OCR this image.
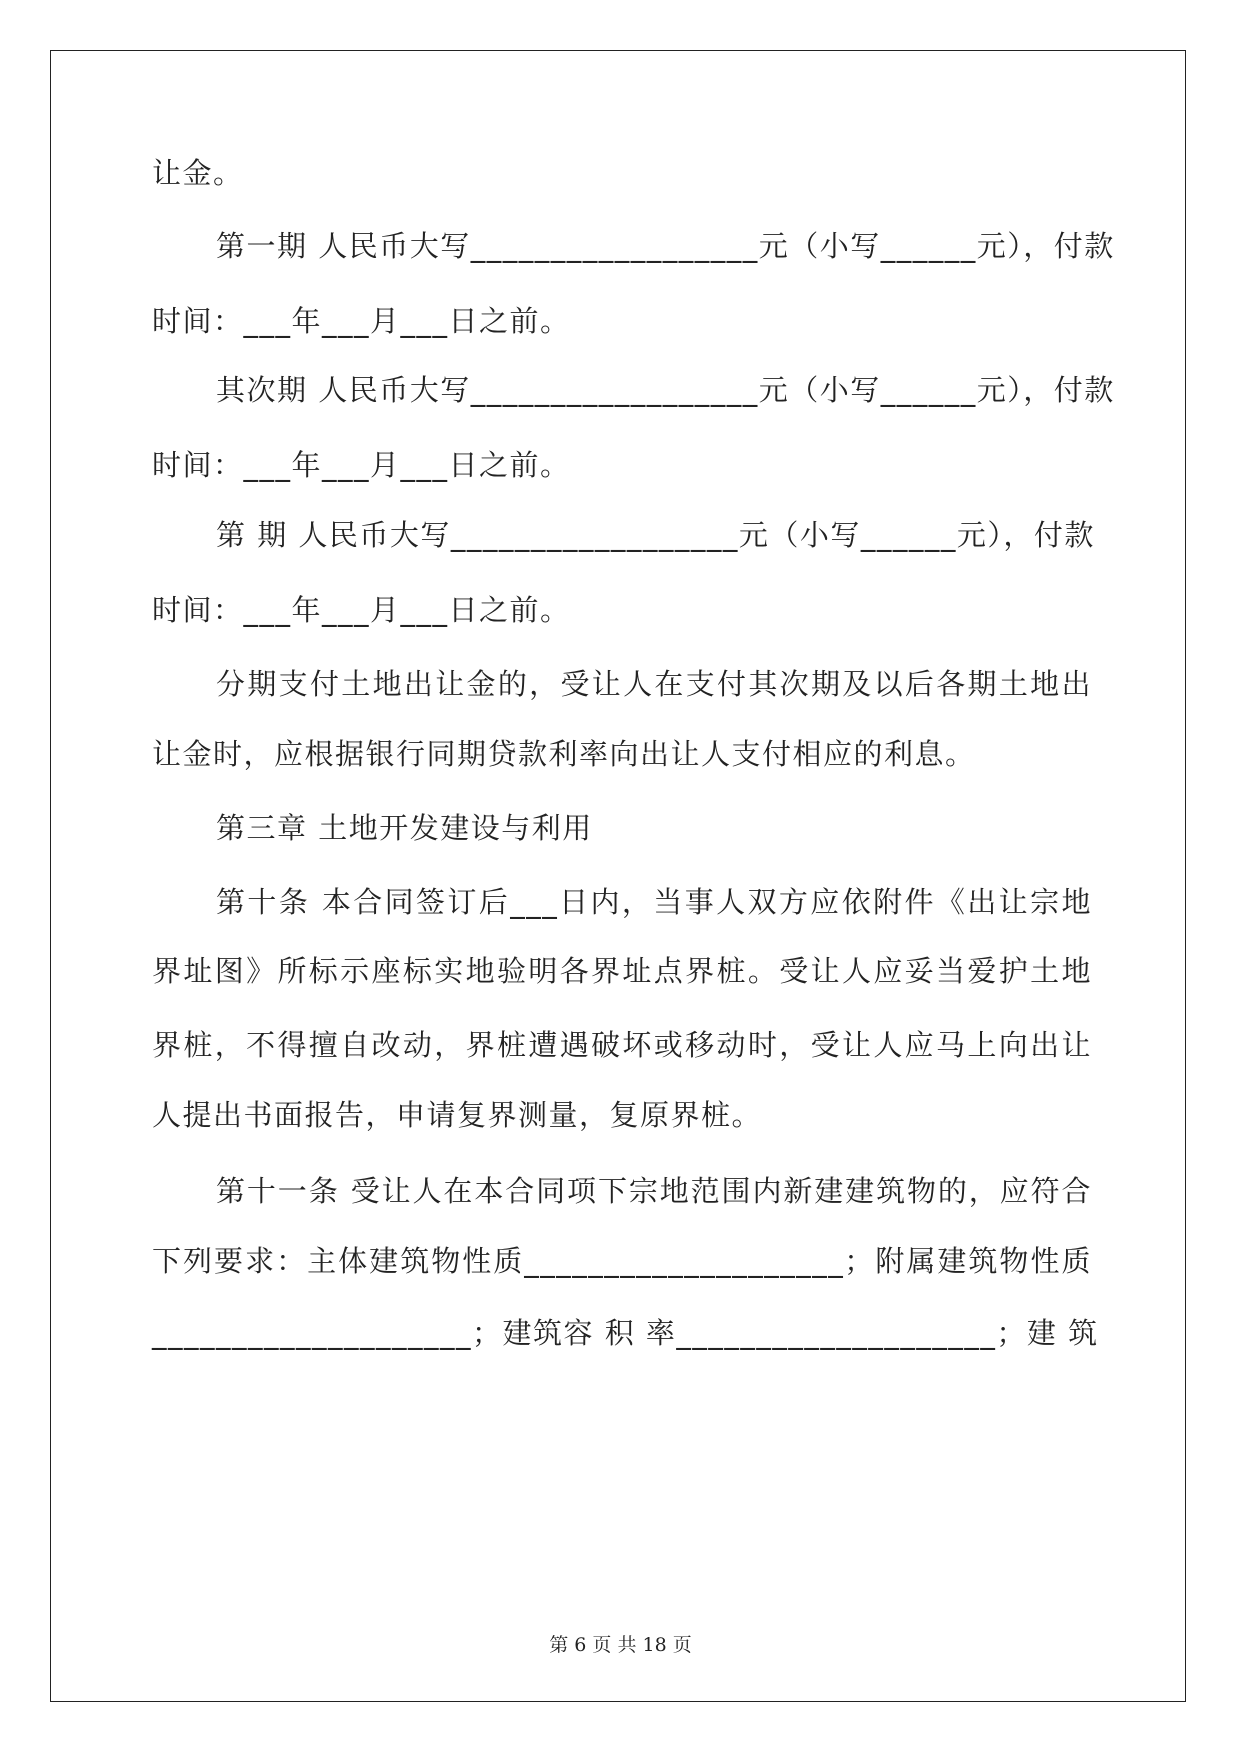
让金。
第一期 人民币大写__________________元（小写______元），付款
时间：___年___月___日之前。
其次期 人民币大写__________________元（小写______元），付款
时间：___年___月___日之前。
第 期 人民币大写__________________元（小写______元），付款
时间：___年___月___日之前。
分期支付土地出让金的，受让人在支付其次期及以后各期土地出
让金时，应根据银行同期贷款利率向出让人支付相应的利息。
第三章 土地开发建设与利用
第十条 本合同签订后___日内，当事人双方应依附件《出让宗地
界址图》所标示座标实地验明各界址点界桩。受让人应妥当爱护土地
界桩，不得擅自改动，界桩遭遇破坏或移动时，受让人应马上向出让
人提出书面报告，申请复界测量，复原界桩。
第十一条 受让人在本合同项下宗地范围内新建建筑物的，应符合
下列要求：主体建筑物性质____________________；附属建筑物性质
____________________；建筑容 积 率____________________；建 筑
第 6 页 共 18 页
